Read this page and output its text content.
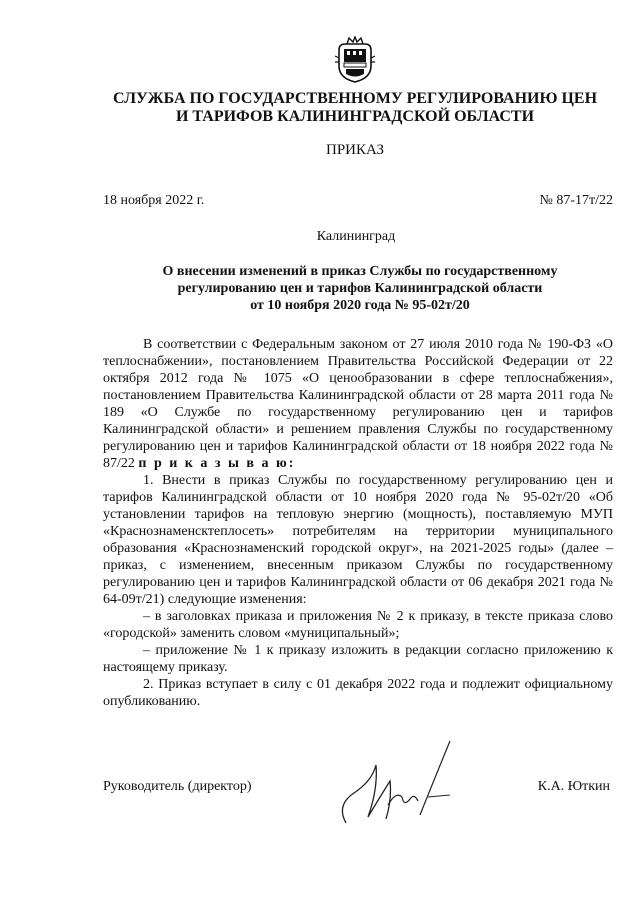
СЛУЖБА ПО ГОСУДАРСТВЕННОМУ РЕГУЛИРОВАНИЮ ЦЕН
И ТАРИФОВ КАЛИНИНГРАДСКОЙ ОБЛАСТИ
ПРИКАЗ
18 ноября 2022 г.	№ 87-17т/22
Калининград
О внесении изменений в приказ Службы по государственному
регулированию цен и тарифов Калининградской области
от 10 ноября 2020 года № 95-02т/20

В соответствии с Федеральным законом от 27 июля 2010 года № 190-ФЗ «О теплоснабжении», постановлением Правительства Российской Федерации от 22 октября 2012 года № 1075 «О ценообразовании в сфере теплоснабжения», постановлением Правительства Калининградской области от 28 марта 2011 года № 189 «О Службе по государственному регулированию цен и тарифов Калининградской области» и решением правления Службы по государственному регулированию цен и тарифов Калининградской области от 18 ноября 2022 года № 87/22 п р и к а з ы в а ю:

1. Внести в приказ Службы по государственному регулированию цен и тарифов Калининградской области от 10 ноября 2020 года № 95-02т/20 «Об установлении тарифов на тепловую энергию (мощность), поставляемую МУП «Краснознаменсктеплосеть» потребителям на территории муниципального образования «Краснознаменский городской округ», на 2021-2025 годы» (далее – приказ, с изменением, внесенным приказом Службы по государственному регулированию цен и тарифов Калининградской области от 06 декабря 2021 года № 64-09т/21) следующие изменения:

– в заголовках приказа и приложения № 2 к приказу, в тексте приказа слово «городской» заменить словом «муниципальный»;

– приложение № 1 к приказу изложить в редакции согласно приложению к настоящему приказу.

2. Приказ вступает в силу с 01 декабря 2022 года и подлежит официальному опубликованию.

Руководитель (директор)	К.А. Юткин
